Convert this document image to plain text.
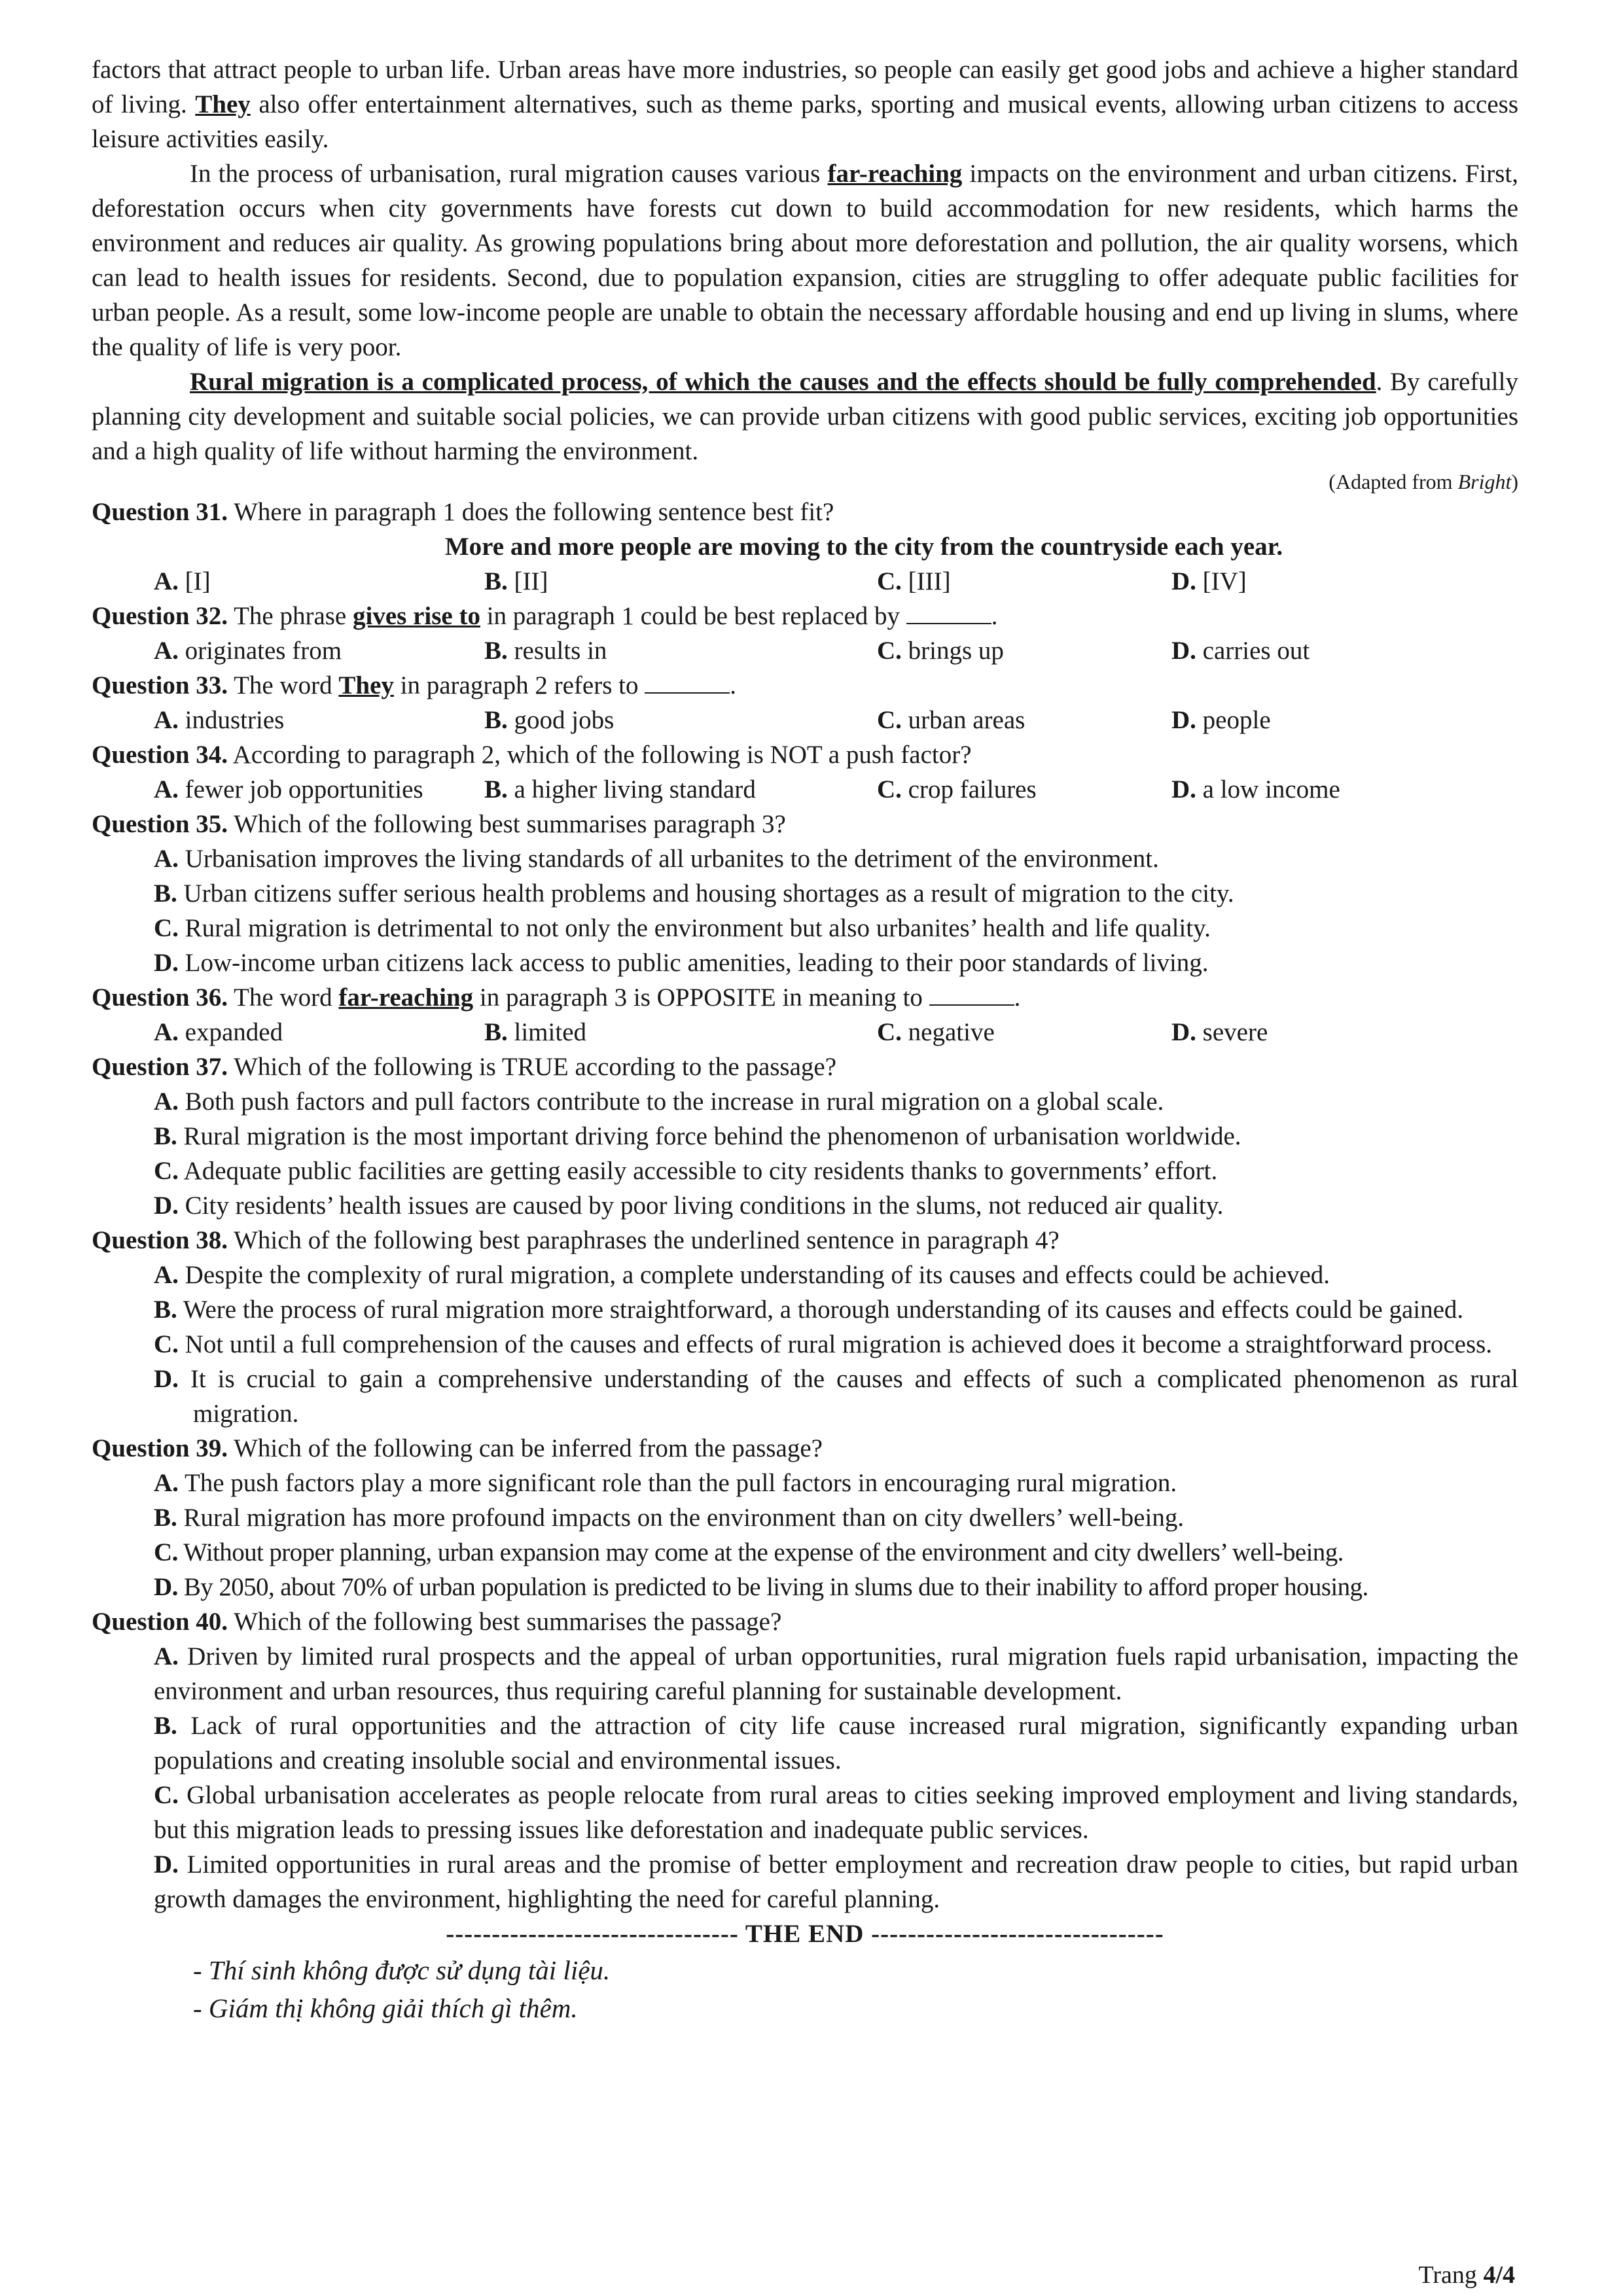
factors that attract people to urban life. Urban areas have more industries, so people can easily get good jobs and achieve a higher standard of living. They also offer entertainment alternatives, such as theme parks, sporting and musical events, allowing urban citizens to access leisure activities easily.

In the process of urbanisation, rural migration causes various far-reaching impacts on the environment and urban citizens. First, deforestation occurs when city governments have forests cut down to build accommodation for new residents, which harms the environment and reduces air quality. As growing populations bring about more deforestation and pollution, the air quality worsens, which can lead to health issues for residents. Second, due to population expansion, cities are struggling to offer adequate public facilities for urban people. As a result, some low-income people are unable to obtain the necessary affordable housing and end up living in slums, where the quality of life is very poor.

Rural migration is a complicated process, of which the causes and the effects should be fully comprehended. By carefully planning city development and suitable social policies, we can provide urban citizens with good public services, exciting job opportunities and a high quality of life without harming the environment.

(Adapted from Bright)

Question 31. Where in paragraph 1 does the following sentence best fit?

More and more people are moving to the city from the countryside each year.

A. [I]	B. [II]	C. [III]	D. [IV]

Question 32. The phrase gives rise to in paragraph 1 could be best replaced by	.

A. originates from	B. results in	C. brings up	D. carries out

Question 33. The word They in paragraph 2 refers to	.

A. industries	B. good jobs	C. urban areas	D. people

Question 34. According to paragraph 2, which of the following is NOT a push factor?

A. fewer job opportunities	B. a higher living standard	C. crop failures	D. a low income

Question 35. Which of the following best summarises paragraph 3?

A. Urbanisation improves the living standards of all urbanites to the detriment of the environment.

B. Urban citizens suffer serious health problems and housing shortages as a result of migration to the city.

C. Rural migration is detrimental to not only the environment but also urbanites’ health and life quality.

D. Low-income urban citizens lack access to public amenities, leading to their poor standards of living.

Question 36. The word far-reaching in paragraph 3 is OPPOSITE in meaning to	.

A. expanded	B. limited	C. negative	D. severe

Question 37. Which of the following is TRUE according to the passage?

A. Both push factors and pull factors contribute to the increase in rural migration on a global scale.

B. Rural migration is the most important driving force behind the phenomenon of urbanisation worldwide.

C. Adequate public facilities are getting easily accessible to city residents thanks to governments’ effort.

D. City residents’ health issues are caused by poor living conditions in the slums, not reduced air quality.

Question 38. Which of the following best paraphrases the underlined sentence in paragraph 4?

A. Despite the complexity of rural migration, a complete understanding of its causes and effects could be achieved.

B. Were the process of rural migration more straightforward, a thorough understanding of its causes and effects could be gained.

C. Not until a full comprehension of the causes and effects of rural migration is achieved does it become a straightforward process.

D. It is crucial to gain a comprehensive understanding of the causes and effects of such a complicated phenomenon as rural migration.

Question 39. Which of the following can be inferred from the passage?

A. The push factors play a more significant role than the pull factors in encouraging rural migration.

B. Rural migration has more profound impacts on the environment than on city dwellers’ well-being.

C. Without proper planning, urban expansion may come at the expense of the environment and city dwellers’ well-being.

D. By 2050, about 70% of urban population is predicted to be living in slums due to their inability to afford proper housing.

Question 40. Which of the following best summarises the passage?

A. Driven by limited rural prospects and the appeal of urban opportunities, rural migration fuels rapid urbanisation, impacting the environment and urban resources, thus requiring careful planning for sustainable development.

B. Lack of rural opportunities and the attraction of city life cause increased rural migration, significantly expanding urban populations and creating insoluble social and environmental issues.

C. Global urbanisation accelerates as people relocate from rural areas to cities seeking improved employment and living standards, but this migration leads to pressing issues like deforestation and inadequate public services.

D. Limited opportunities in rural areas and the promise of better employment and recreation draw people to cities, but rapid urban growth damages the environment, highlighting the need for careful planning.

-------------------------------- THE END --------------------------------

- Thí sinh không được sử dụng tài liệu.

- Giám thị không giải thích gì thêm.

Trang 4/4
